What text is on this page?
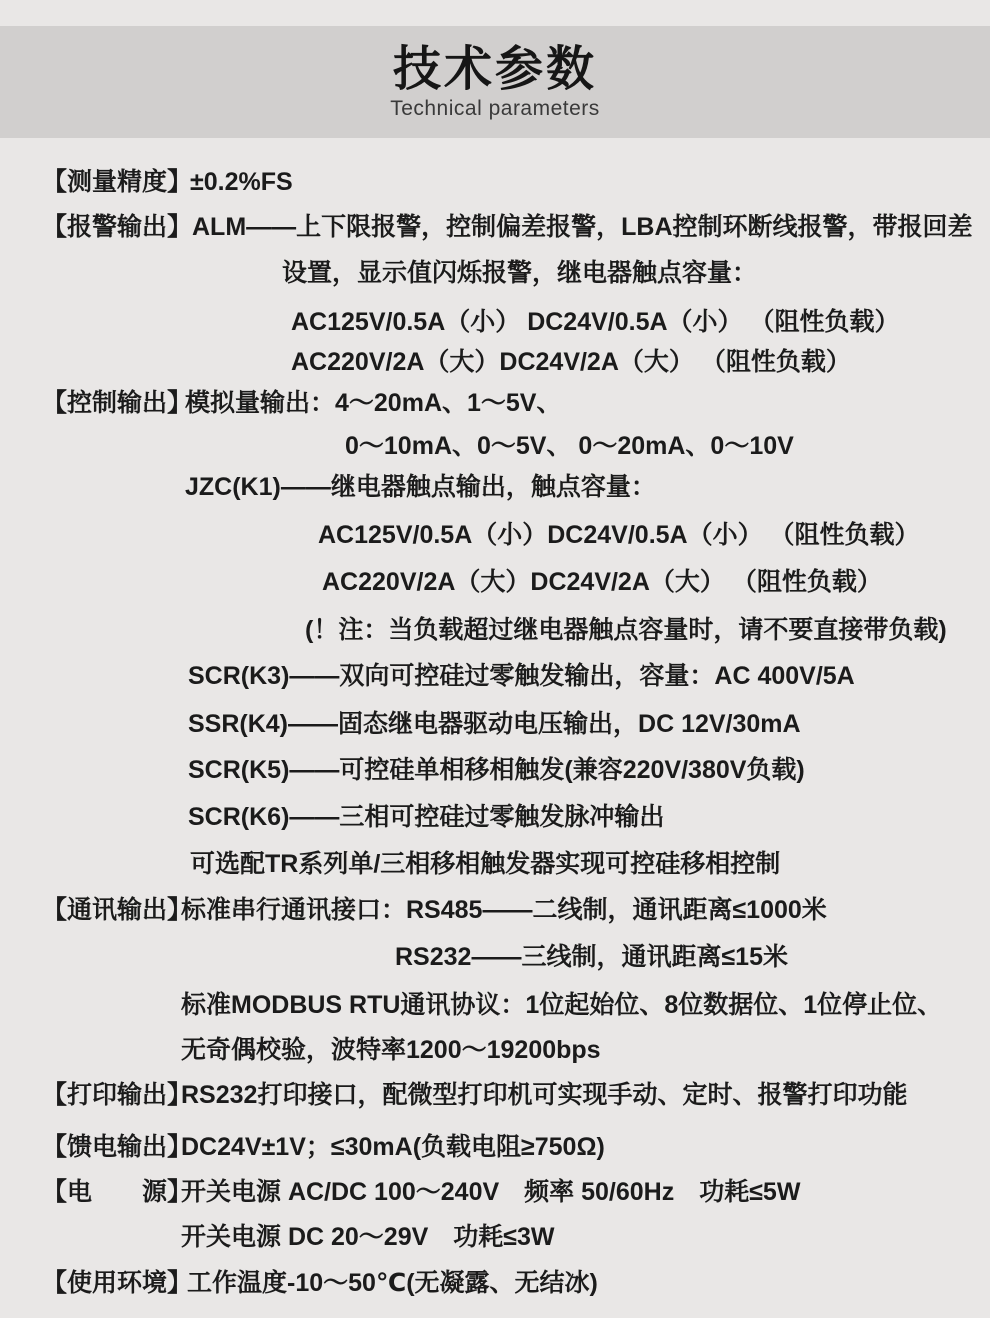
技术参数
Technical parameters
【测量精度】
±0.2%FS
【报警输出】 ALM——上下限报警，控制偏差报警，LBA控制环断线报警，带报回差
设置，显示值闪烁报警，继电器触点容量：
AC125V/0.5A（小） DC24V/0.5A（小） （阻性负载）
AC220V/2A（大）DC24V/2A（大） （阻性负载）
【控制输出】
模拟量输出：4～20mA、1～5V、
0～10mA、0～5V、 0～20mA、0～10V
JZC(K1)——继电器触点输出，触点容量：
AC125V/0.5A（小）DC24V/0.5A（小） （阻性负载）
AC220V/2A（大）DC24V/2A（大） （阻性负载）
(！注：当负载超过继电器触点容量时，请不要直接带负载)
SCR(K3)——双向可控硅过零触发输出，容量：AC 400V/5A
SSR(K4)——固态继电器驱动电压输出，DC 12V/30mA
SCR(K5)——可控硅单相移相触发(兼容220V/380V负载)
SCR(K6)——三相可控硅过零触发脉冲输出
可选配TR系列单/三相移相触发器实现可控硅移相控制
【通讯输出】
标准串行通讯接口：RS485——二线制，通讯距离≤1000米
RS232——三线制，通讯距离≤15米
标准MODBUS RTU通讯协议：1位起始位、8位数据位、1位停止位、
无奇偶校验，波特率1200～19200bps
【打印输出】
RS232打印接口，配微型打印机可实现手动、定时、报警打印功能
【馈电输出】
DC24V±1V；≤30mA(负载电阻≥750Ω)
【电　　源】
开关电源 AC/DC 100～240V　频率 50/60Hz　功耗≤5W
开关电源 DC 20～29V　功耗≤3W
【使用环境】
工作温度-10～50℃(无凝露、无结冰)
